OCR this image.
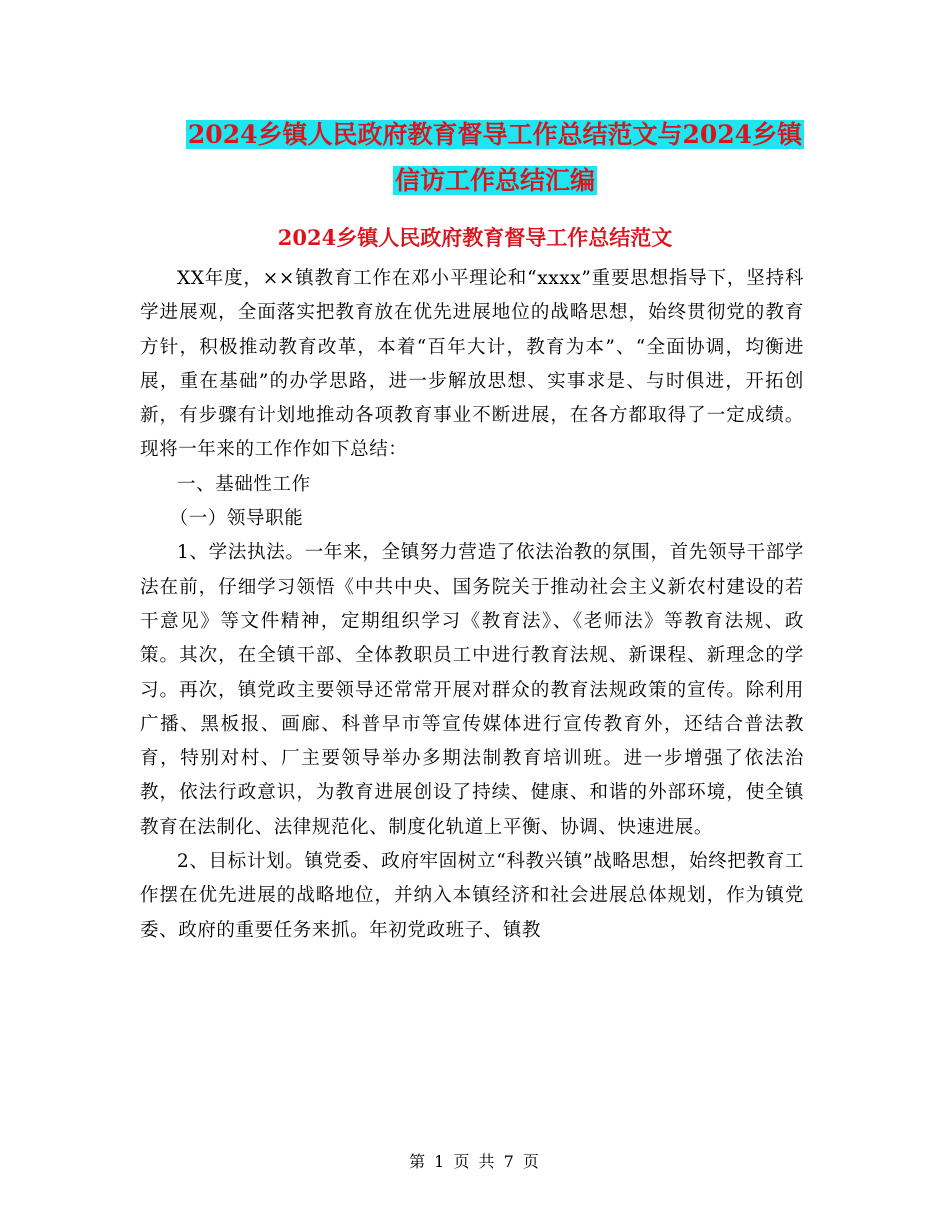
2024乡镇人民政府教育督导工作总结范文与2024乡镇
信访工作总结汇编
2024乡镇人民政府教育督导工作总结范文

XX年度，××镇教育工作在邓小平理论和“xxxx”重要思想指导下，坚持科学进展观，全面落实把教育放在优先进展地位的战略思想，始终贯彻党的教育方针，积极推动教育改革，本着“百年大计，教育为本”、“全面协调，均衡进展，重在基础”的办学思路，进一步解放思想、实事求是、与时俱进，开拓创新，有步骤有计划地推动各项教育事业不断进展，在各方都取得了一定成绩。现将一年来的工作作如下总结：

一、基础性工作

（一）领导职能

1、学法执法。一年来，全镇努力营造了依法治教的氛围，首先领导干部学法在前，仔细学习领悟《中共中央、国务院关于推动社会主义新农村建设的若干意见》等文件精神，定期组织学习《教育法》、《老师法》等教育法规、政策。其次，在全镇干部、全体教职员工中进行教育法规、新课程、新理念的学习。再次，镇党政主要领导还常常开展对群众的教育法规政策的宣传。除利用广播、黑板报、画廊、科普早市等宣传媒体进行宣传教育外，还结合普法教育，特别对村、厂主要领导举办多期法制教育培训班。进一步增强了依法治教，依法行政意识，为教育进展创设了持续、健康、和谐的外部环境，使全镇教育在法制化、法律规范化、制度化轨道上平衡、协调、快速进展。

2、目标计划。镇党委、政府牢固树立“科教兴镇”战略思想，始终把教育工作摆在优先进展的战略地位，并纳入本镇经济和社会进展总体规划，作为镇党委、政府的重要任务来抓。年初党政班子、镇教

第 1 页 共 7 页
